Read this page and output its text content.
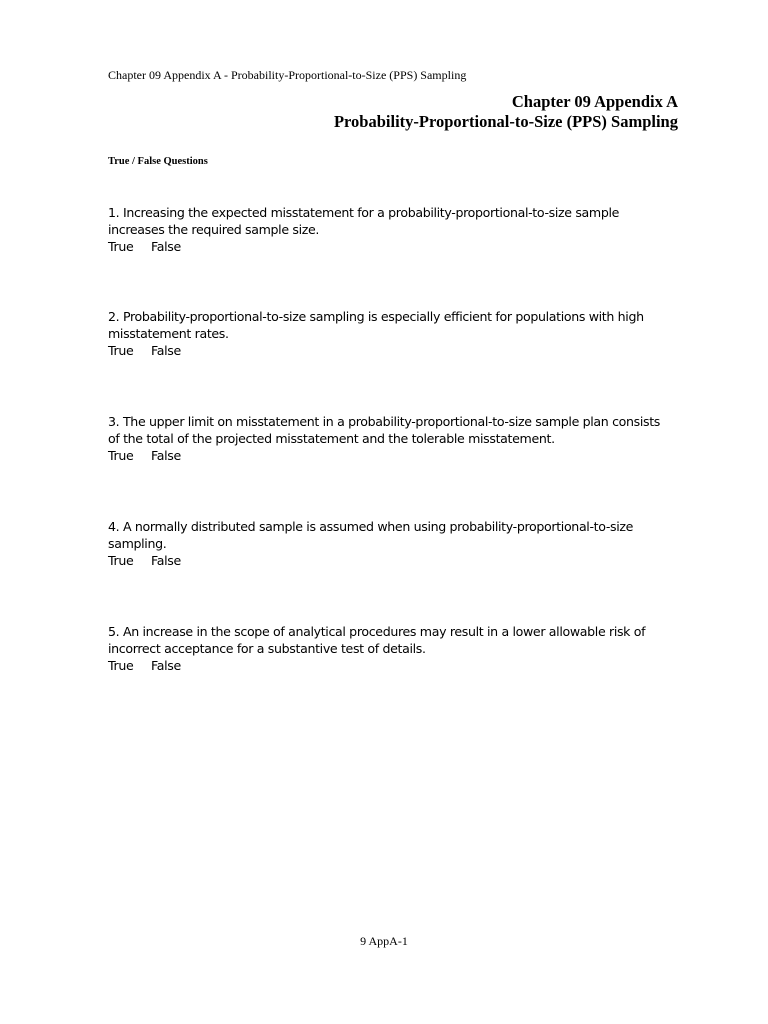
Chapter 09 Appendix A - Probability-Proportional-to-Size (PPS) Sampling
Chapter 09 Appendix A
Probability-Proportional-to-Size (PPS) Sampling
True / False Questions
1. Increasing the expected misstatement for a probability-proportional-to-size sample
increases the required sample size.
True False
2. Probability-proportional-to-size sampling is especially efficient for populations with high
misstatement rates.
True False
3. The upper limit on misstatement in a probability-proportional-to-size sample plan consists
of the total of the projected misstatement and the tolerable misstatement.
True False
4. A normally distributed sample is assumed when using probability-proportional-to-size
sampling.
True False
5. An increase in the scope of analytical procedures may result in a lower allowable risk of
incorrect acceptance for a substantive test of details.
True False
9 AppA-1
